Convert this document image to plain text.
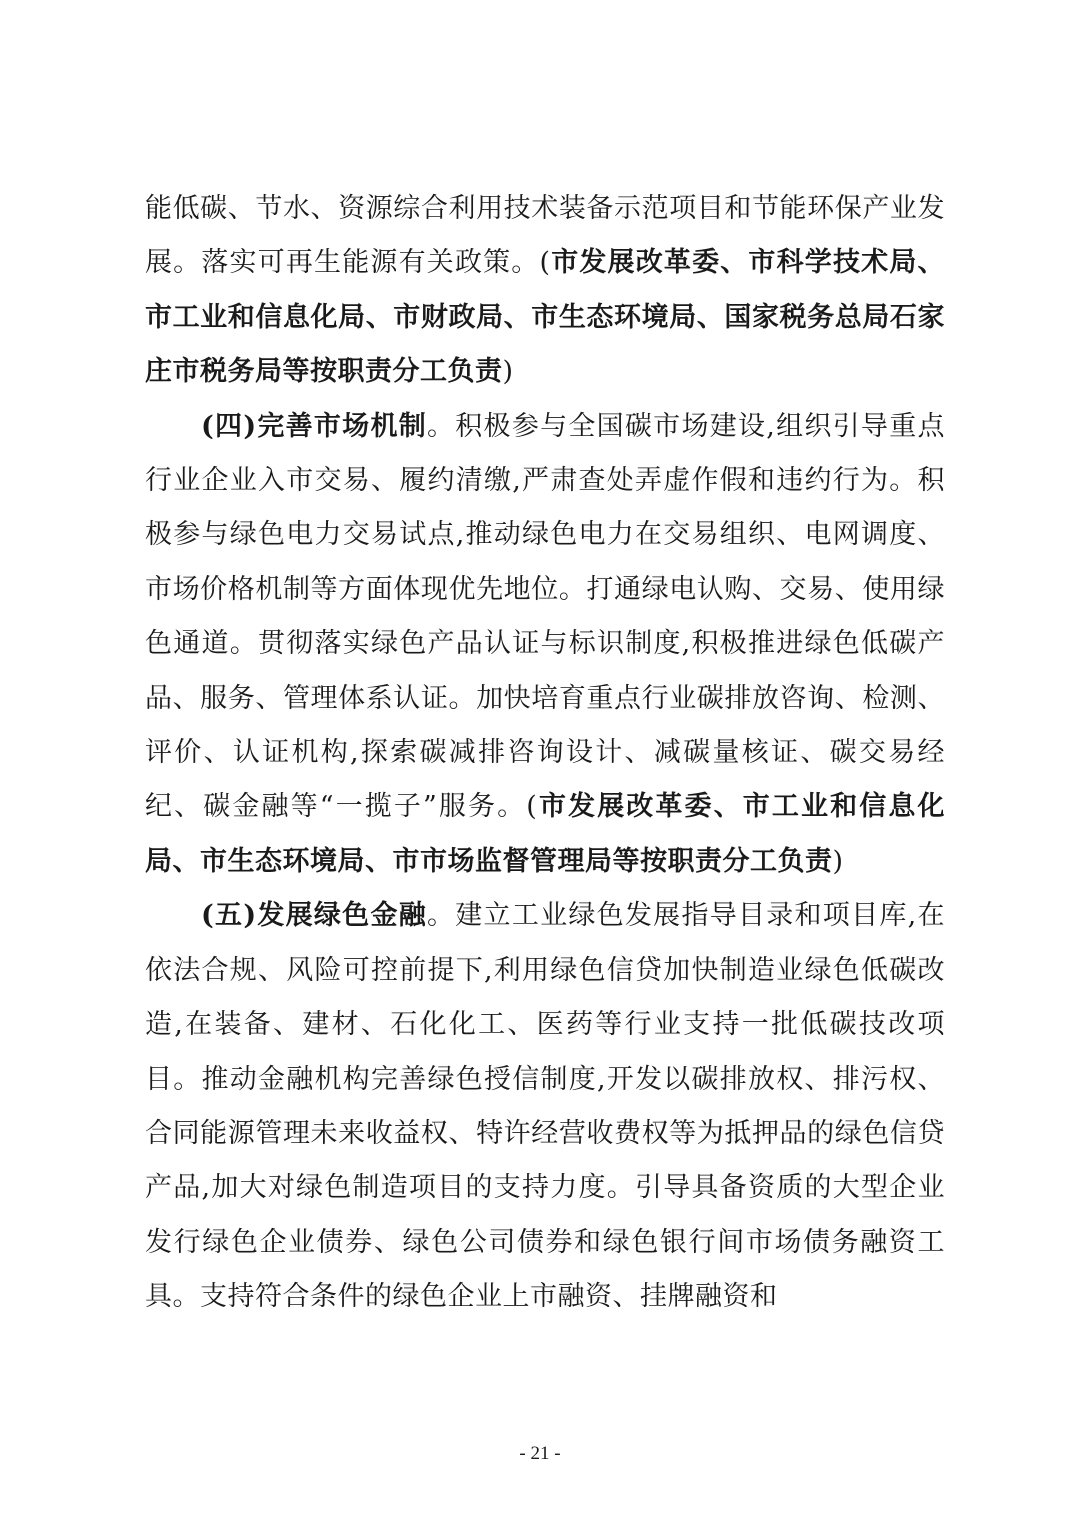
能低碳、节水、资源综合利用技术装备示范项目和节能环保产业发展。落实可再生能源有关政策。(市发展改革委、市科学技术局、市工业和信息化局、市财政局、市生态环境局、国家税务总局石家庄市税务局等按职责分工负责)

(四)完善市场机制。积极参与全国碳市场建设,组织引导重点行业企业入市交易、履约清缴,严肃查处弄虚作假和违约行为。积极参与绿色电力交易试点,推动绿色电力在交易组织、电网调度、市场价格机制等方面体现优先地位。打通绿电认购、交易、使用绿色通道。贯彻落实绿色产品认证与标识制度,积极推进绿色低碳产品、服务、管理体系认证。加快培育重点行业碳排放咨询、检测、评价、认证机构,探索碳减排咨询设计、减碳量核证、碳交易经纪、碳金融等“一揽子”服务。(市发展改革委、市工业和信息化局、市生态环境局、市市场监督管理局等按职责分工负责)

(五)发展绿色金融。建立工业绿色发展指导目录和项目库,在依法合规、风险可控前提下,利用绿色信贷加快制造业绿色低碳改造,在装备、建材、石化化工、医药等行业支持一批低碳技改项目。推动金融机构完善绿色授信制度,开发以碳排放权、排污权、合同能源管理未来收益权、特许经营收费权等为抵押品的绿色信贷产品,加大对绿色制造项目的支持力度。引导具备资质的大型企业发行绿色企业债券、绿色公司债券和绿色银行间市场债务融资工具。支持符合条件的绿色企业上市融资、挂牌融资和

- 21 -
